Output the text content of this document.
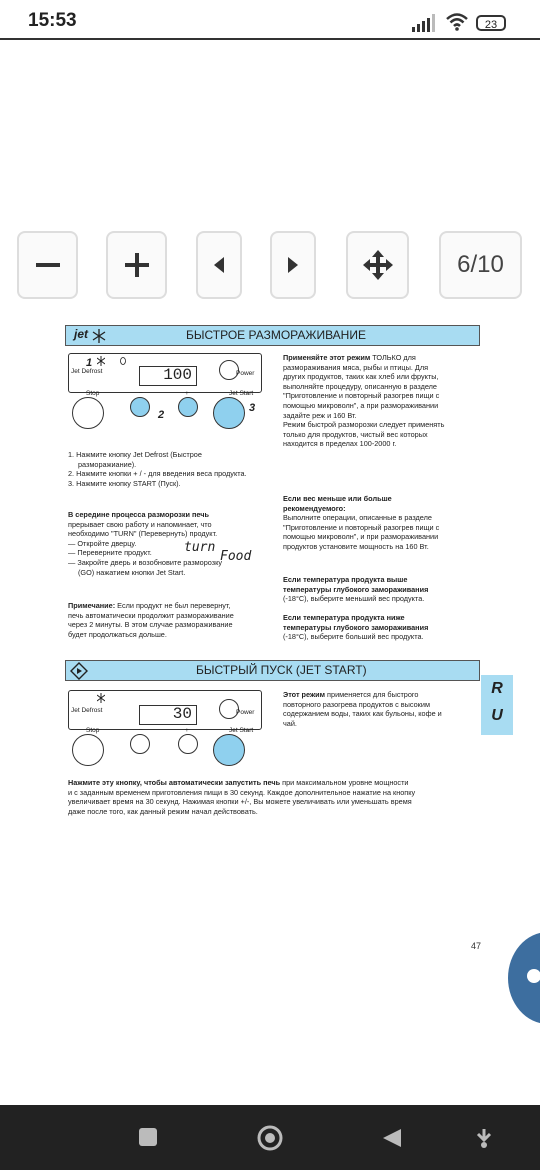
15:53	23
6/10
jet	БЫСТРОЕ РАЗМОРАЖИВАНИЕ
Jet Defrost	100	Power
1
Stop	−	+	Jet Start
2
3
1. Нажмите кнопку Jet Defrost (Быстрое
разморажиание).
2. Нажмите кнопки + / - для введения веса продукта.
3. Нажмите кнопку START (Пуск).
В середине процесса разморозки печь
прерывает свою работу и напоминает, что
необходимо "TURN" (Перевернуть) продукт.
— Откройте дверцу.
— Переверните продукт.
— Закройте дверь и возобновите разморозку
(GO) нажатием кнопки Jet Start.
turn
Food
Примечание: Если продукт не был перевернут,
печь автоматически продолжит размораживание
через 2 минуты. В этом случае размораживание
будет продолжаться дольше.
Применяйте этот режим ТОЛЬКО для
размораживания мяса, рыбы и птицы. Для
других продуктов, таких как хлеб или фрукты,
выполняйте процедуру, описанную в разделе
"Приготовление и повторный разогрев пищи с
помощью микроволн", а при размораживании
задайте реж и 160 Вт.
Режим быстрой разморозки следует применять
только для продуктов, чистый вес которых
находится в пределах 100-2000 г.
Если вес меньше или больше
рекомендуемого:
Выполните операции, описанные в разделе
"Приготовление и повторный разогрев пищи с
помощью микроволн", и при размораживании
продуктов установите мощность на 160 Вт.
Если температура продукта выше
температуры глубокого замораживания
(-18°C), выберите меньший вес продукта.
Если температура продукта ниже
температуры глубокого замораживания
(-18°C), выберите больший вес продукта.
БЫСТРЫЙ ПУСК (JET START)
Jet Defrost	30	Power
Stop	−	+	Jet Start
Этот режим применяется для быстрого
повторного разогрева продуктов с высоким
содержанием воды, таких как бульоны, кофе и
чай.
R
U
Нажмите эту кнопку, чтобы автоматически запустить печь при максимальном уровне мощности
и с заданным временем приготовления пищи в 30 секунд. Каждое дополнительное нажатие на кнопку
увеличивает время на 30 секунд. Нажимая кнопки +/-, Вы можете увеличивать или уменьшать время
даже после того, как данный режим начал действовать.
47
